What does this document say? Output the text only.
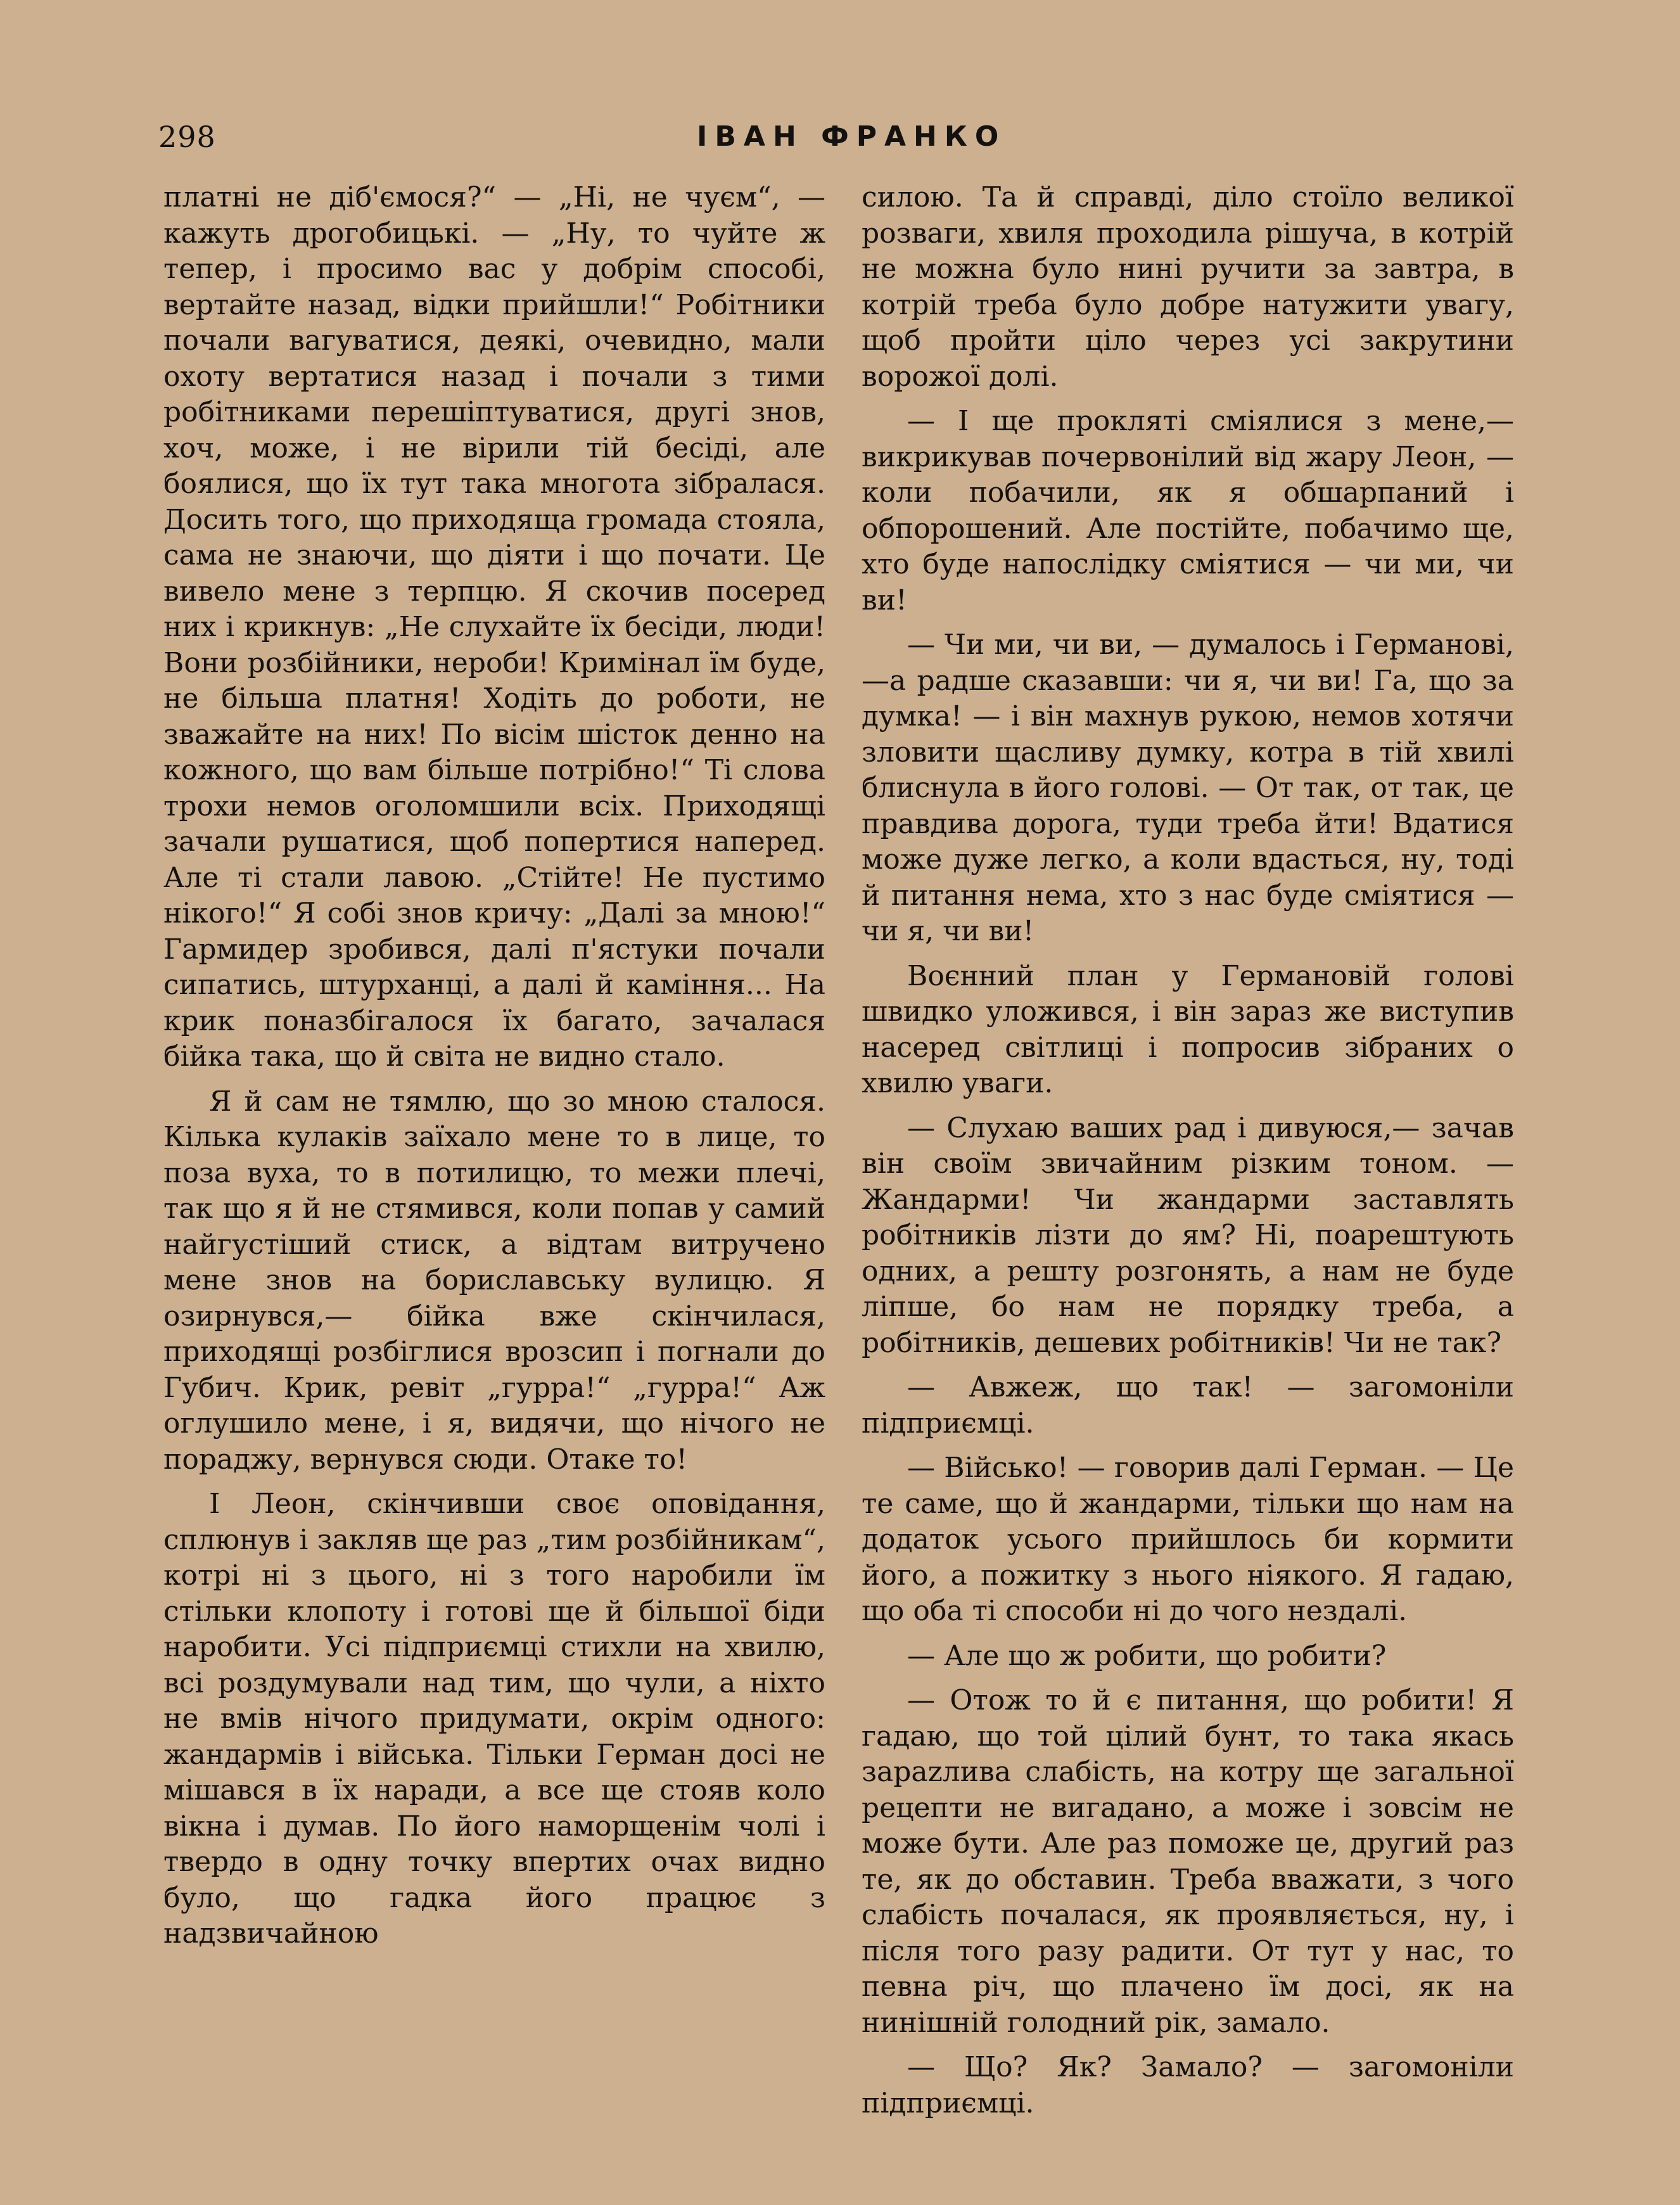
298	ІВАН ФРАНКО

платні не діб'ємося?“ — „Ні, не чуєм“, — кажуть дрогобицькі. — „Ну, то чуйте ж тепер, і просимо вас у добрім способі, вертайте назад, відки прийшли!“ Робітники почали вагуватися, деякі, очевидно, мали охоту вертатися назад і почали з тими робітниками перешіптуватися, другі знов, хоч, може, і не вірили тій бесіді, але боялися, що їх тут така многота зібралася. Досить того, що приходяща громада стояла, сама не знаючи, що діяти і що почати. Це вивело мене з терпцю. Я скочив посеред них і крикнув: „Не слухайте їх бесіди, люди! Вони розбійники, нероби! Кримінал їм буде, не більша платня! Ходіть до роботи, не зважайте на них! По вісім шісток денно на кожного, що вам більше потрібно!“ Ті слова трохи немов оголомшили всіх. Приходящі зачали рушатися, щоб попертися наперед. Але ті стали лавою. „Стійте! Не пустимо нікого!“ Я собі знов кричу: „Далі за мною!“ Гармидер зробився, далі п'ястуки почали сипатись, штурханці, а далі й каміння... На крик поназбігалося їх багато, зачалася бійка така, що й світа не видно стало.

Я й сам не тямлю, що зо мною сталося. Кілька кулаків заїхало мене то в лице, то поза вуха, то в потилицю, то межи плечі, так що я й не стямився, коли попав у самий найгустіший стиск, а відтам витручено мене знов на бориславську вулицю. Я озирнувся,— бійка вже скінчилася, приходящі розбіглися врозсип і погнали до Губич. Крик, ревіт „гурра!“ „гурра!“ Аж оглушило мене, і я, видячи, що нічого не пораджу, вернувся сюди. Отаке то!

І Леон, скінчивши своє оповідання, сплюнув і закляв ще раз „тим розбійникам“, котрі ні з цього, ні з того наробили їм стільки клопоту і готові ще й більшої біди наробити. Усі підприємці стихли на хвилю, всі роздумували над тим, що чули, а ніхто не вмів нічого придумати, окрім одного: жандармів і війська. Тільки Герман досі не мішався в їх наради, а все ще стояв коло вікна і думав. По його наморщенім чолі і твердо в одну точку впертих очах видно було, що гадка його працює з надзвичайною

силою. Та й справді, діло стоїло великої розваги, хвиля проходила рішуча, в котрій не можна було нині ручити за завтра, в котрій треба було добре натужити увагу, щоб пройти ціло через усі закрутини ворожої долі.

— І ще прокляті сміялися з мене,— викрикував почервонілий від жару Леон, — коли побачили, як я обшарпаний і обпорошений. Але постійте, побачимо ще, хто буде напослідку сміятися — чи ми, чи ви!

— Чи ми, чи ви, — думалось і Германові,—а радше сказавши: чи я, чи ви! Га, що за думка! — і він махнув рукою, немов хотячи зловити щасливу думку, котра в тій хвилі блиснула в його голові. — От так, от так, це правдива дорога, туди треба йти! Вдатися може дуже легко, а коли вдасться, ну, тоді й питання нема, хто з нас буде сміятися — чи я, чи ви!

Воєнний план у Германовій голові швидко уложився, і він зараз же виступив насеред світлиці і попросив зібраних о хвилю уваги.

— Слухаю ваших рад і дивуюся,— зачав він своїм звичайним різким тоном. — Жандарми! Чи жандарми заставлять робітників лізти до ям? Ні, поарештують одних, а решту розгонять, а нам не буде ліпше, бо нам не порядку треба, а робітників, дешевих робітників! Чи не так?

— Авжеж, що так! — загомоніли підприємці.

— Військо! — говорив далі Герман. — Це те саме, що й жандарми, тільки що нам на додаток усього прийшлось би кормити його, а пожитку з нього ніякого. Я гадаю, що оба ті способи ні до чого нездалі.

— Але що ж робити, що робити?

— Отож то й є питання, що робити! Я гадаю, що той цілий бунт, то така якась зарazлива слабість, на котру ще загальної рецепти не вигадано, а може і зовсім не може бути. Але раз поможе це, другий раз те, як до обставин. Треба вважати, з чого слабість почалася, як проявляється, ну, і після того разу радити. От тут у нас, то певна річ, що плачено їм досі, як на нинішній голодний рік, замало.

— Що? Як? Замало? — загомоніли підприємці.
